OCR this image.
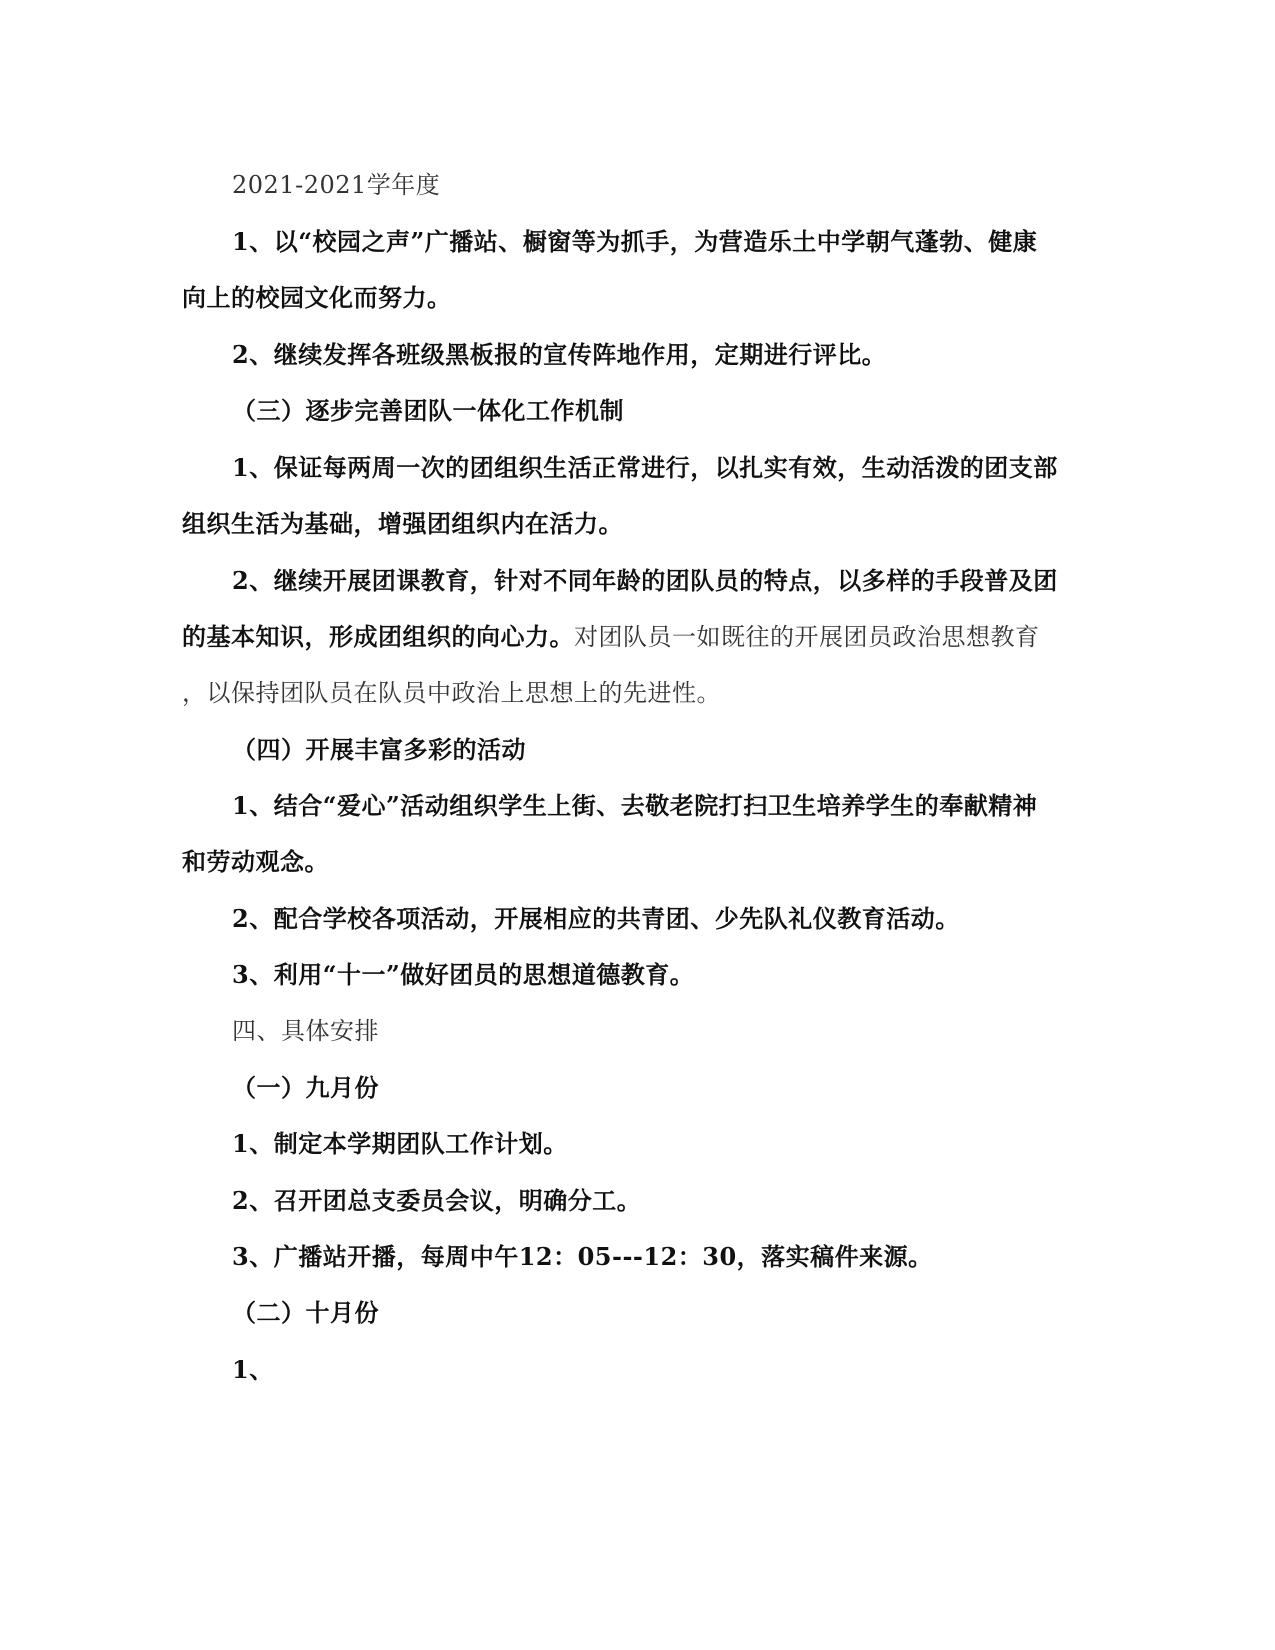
2021-2021学年度
1、以“校园之声”广播站、橱窗等为抓手，为营造乐土中学朝气蓬勃、健康
向上的校园文化而努力。
2、继续发挥各班级黑板报的宣传阵地作用，定期进行评比。
（三）逐步完善团队一体化工作机制
1、保证每两周一次的团组织生活正常进行，以扎实有效，生动活泼的团支部
组织生活为基础，增强团组织内在活力。
2、继续开展团课教育，针对不同年龄的团队员的特点，以多样的手段普及团
的基本知识，形成团组织的向心力。对团队员一如既往的开展团员政治思想教育
，以保持团队员在队员中政治上思想上的先进性。
（四）开展丰富多彩的活动
1、结合“爱心”活动组织学生上街、去敬老院打扫卫生培养学生的奉献精神
和劳动观念。
2、配合学校各项活动，开展相应的共青团、少先队礼仪教育活动。
3、利用“十一”做好团员的思想道德教育。
四、具体安排
（一）九月份
1、制定本学期团队工作计划。
2、召开团总支委员会议，明确分工。
3、广播站开播，每周中午12：05---12：30，落实稿件来源。
（二）十月份
1、
